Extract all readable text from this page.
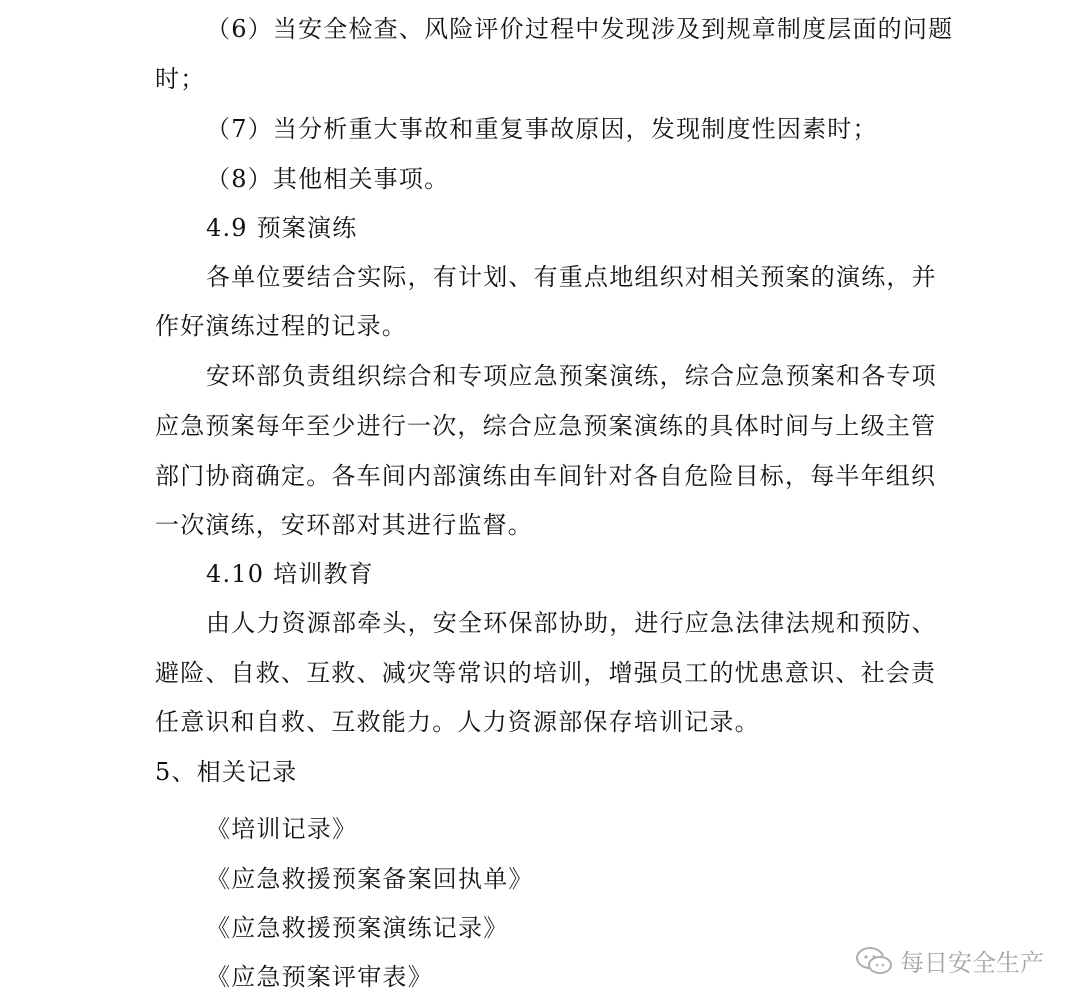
（6）当安全检查、风险评价过程中发现涉及到规章制度层面的问题
时；
（7）当分析重大事故和重复事故原因，发现制度性因素时；
（8）其他相关事项。
4.9 预案演练
各单位要结合实际，有计划、有重点地组织对相关预案的演练，并
作好演练过程的记录。
安环部负责组织综合和专项应急预案演练，综合应急预案和各专项
应急预案每年至少进行一次，综合应急预案演练的具体时间与上级主管
部门协商确定。各车间内部演练由车间针对各自危险目标，每半年组织
一次演练，安环部对其进行监督。
4.10 培训教育
由人力资源部牵头，安全环保部协助，进行应急法律法规和预防、
避险、自救、互救、减灾等常识的培训，增强员工的忧患意识、社会责
任意识和自救、互救能力。人力资源部保存培训记录。
5、相关记录
《培训记录》
《应急救援预案备案回执单》
《应急救援预案演练记录》
《应急预案评审表》	每日安全生产
